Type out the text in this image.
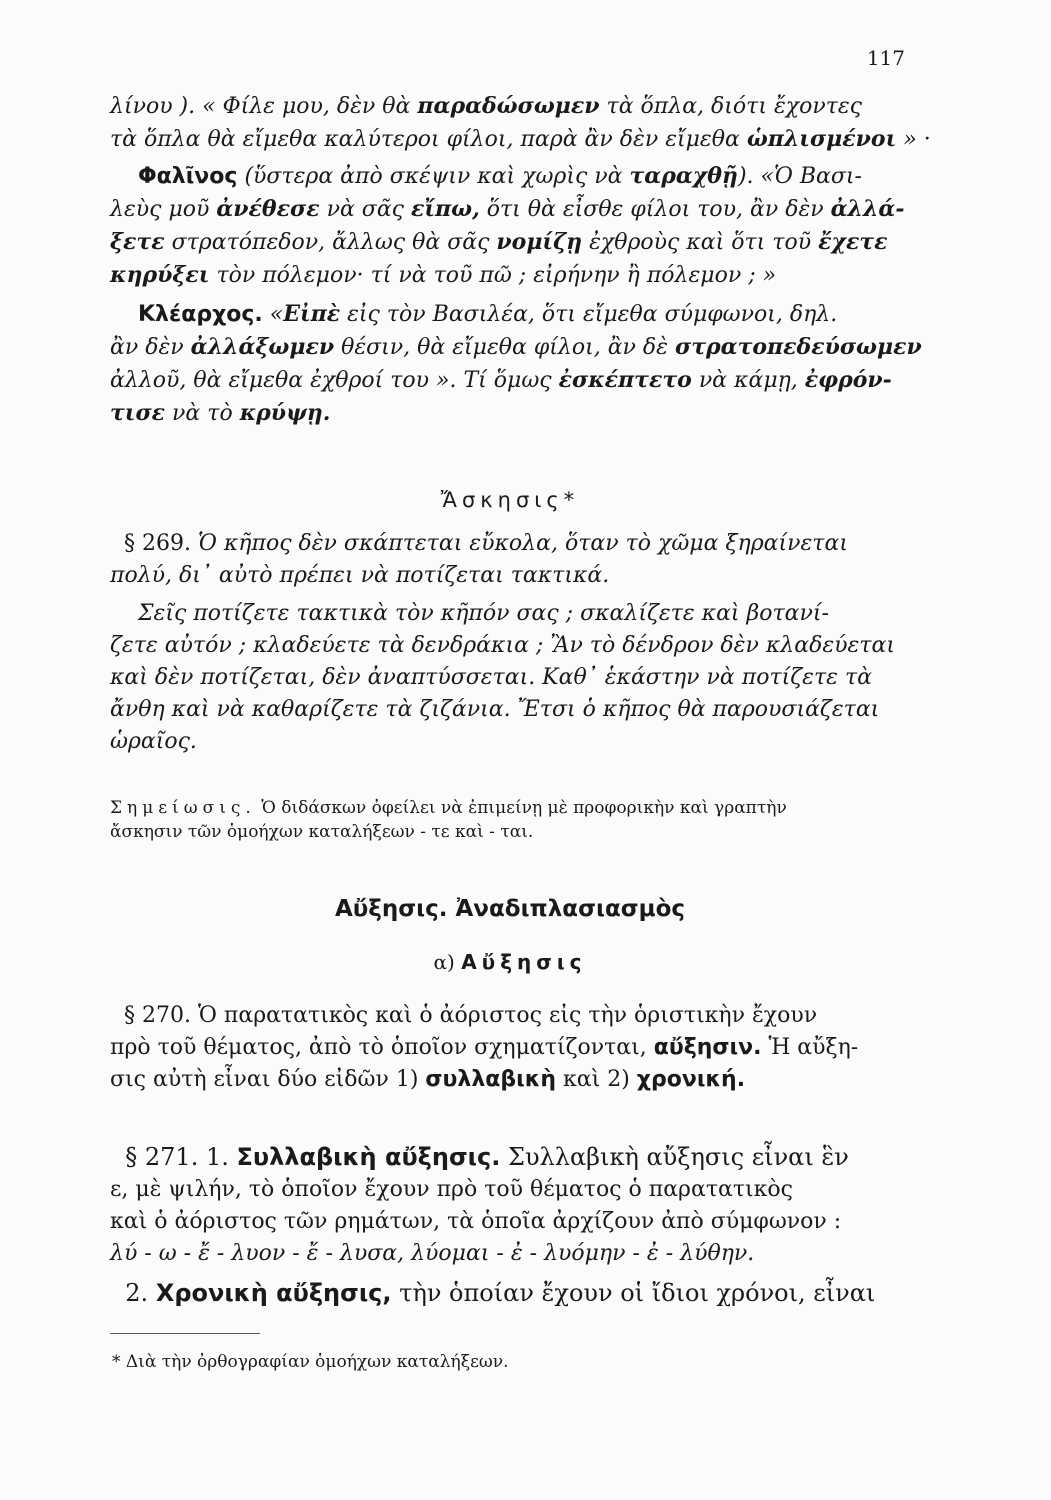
117
λίνου ). « Φίλε μου, δὲν θὰ παραδώσωμεν τὰ ὅπλα, διότι ἔχοντες
τὰ ὅπλα θὰ εἴμεθα καλύτεροι φίλοι, παρὰ ἂν δὲν εἴμεθα ὡπλισμένοι » ·
Φαλῖνος (ὕστερα ἀπὸ σκέψιν καὶ χωρὶς νὰ ταραχθῇ). «Ὁ Βασι-
λεὺς μοῦ ἀνέθεσε νὰ σᾶς εἴπω, ὅτι θὰ εἶσθε φίλοι του, ἂν δὲν ἀλλά-
ξετε στρατόπεδον, ἄλλως θὰ σᾶς νομίζῃ ἐχθροὺς καὶ ὅτι τοῦ ἔχετε
κηρύξει τὸν πόλεμον· τί νὰ τοῦ πῶ ; εἰρήνην ἢ πόλεμον ; »
Κλέαρχος. «Εἰπὲ εἰς τὸν Βασιλέα, ὅτι εἴμεθα σύμφωνοι, δηλ.
ἂν δὲν ἀλλάξωμεν θέσιν, θὰ εἴμεθα φίλοι, ἂν δὲ στρατοπεδεύσωμεν
ἀλλοῦ, θὰ εἴμεθα ἐχθροί του ». Τί ὅμως ἐσκέπτετο νὰ κάμῃ, ἐφρόν-
τισε νὰ τὸ κρύψῃ.
Ἄσκησις*
§ 269. Ὁ κῆπος δὲν σκάπτεται εὔκολα, ὅταν τὸ χῶμα ξηραίνεται
πολύ, δι᾿ αὐτὸ πρέπει νὰ ποτίζεται τακτικά.
Σεῖς ποτίζετε τακτικὰ τὸν κῆπόν σας ; σκαλίζετε καὶ βοτανί-
ζετε αὐτόν ; κλαδεύετε τὰ δενδράκια ; Ἂν τὸ δένδρον δὲν κλαδεύεται
καὶ δὲν ποτίζεται, δὲν ἀναπτύσσεται. Καθ᾿ ἑκάστην νὰ ποτίζετε τὰ
ἄνθη καὶ νὰ καθαρίζετε τὰ ζιζάνια. Ἔτσι ὁ κῆπος θὰ παρουσιάζεται
ὡραῖος.
Σημείωσις. Ὁ διδάσκων ὀφείλει νὰ ἐπιμείνῃ μὲ προφορικὴν καὶ γραπτὴν
ἄσκησιν τῶν ὁμοήχων καταλήξεων - τε καὶ - ται.
Αὔξησις. Ἀναδιπλασιασμὸς
α) Αὔξησις
§ 270. Ὁ παρατατικὸς καὶ ὁ ἀόριστος εἰς τὴν ὁριστικὴν ἔχουν
πρὸ τοῦ θέματος, ἀπὸ τὸ ὁποῖον σχηματίζονται, αὔξησιν. Ἡ αὔξη-
σις αὐτὴ εἶναι δύο εἰδῶν 1) συλλαβικὴ καὶ 2) χρονική.
§ 271. 1. Συλλαβικὴ αὔξησις. Συλλαβικὴ αὔξησις εἶναι ἓν
ε, μὲ ψιλήν, τὸ ὁποῖον ἔχουν πρὸ τοῦ θέματος ὁ παρατατικὸς
καὶ ὁ ἀόριστος τῶν ρημάτων, τὰ ὁποῖα ἀρχίζουν ἀπὸ σύμφωνον :
λύ - ω - ἔ - λυον - ἔ - λυσα, λύομαι - ἐ - λυόμην - ἐ - λύθην.
2. Χρονικὴ αὔξησις, τὴν ὁποίαν ἔχουν οἱ ἴδιοι χρόνοι, εἶναι
* Διὰ τὴν ὀρθογραφίαν ὁμοήχων καταλήξεων.
